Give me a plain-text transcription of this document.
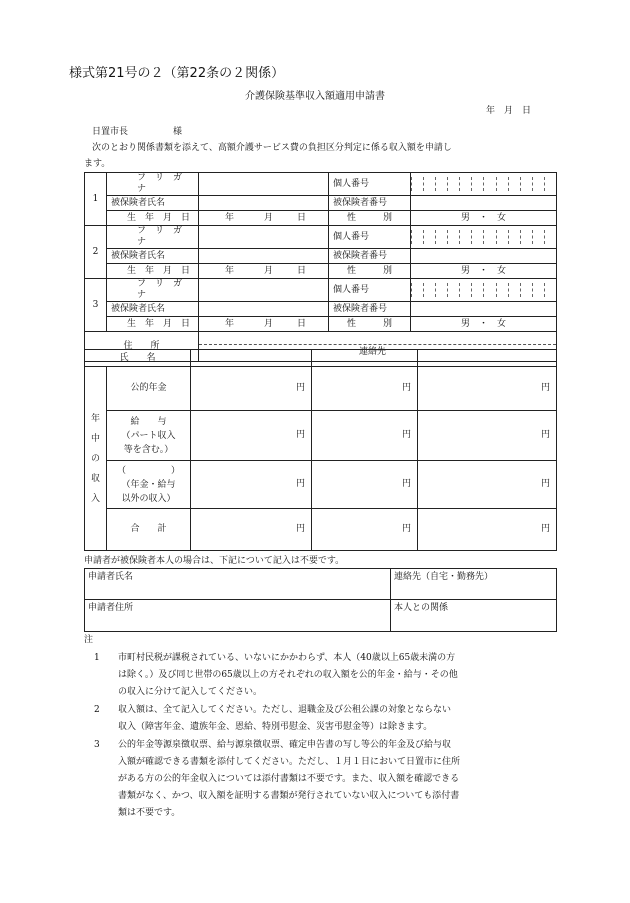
様式第21号の２（第22条の２関係）
介護保険基準収入額適用申請書
年　月　日
日置市長　　　　　様
次のとおり関係書類を添えて、高額介護サービス費の負担区分判定に係る収入額を申請し
ます。
1	フ　リ　ガ　ナ		個人番号	

	被保険者氏名		被保険者番号	
	生　年　月　日	年 月 日	性　　　別	男　・　女
2	フ　リ　ガ　ナ		個人番号	

	被保険者氏名		被保険者番号	
	生　年　月　日	年 月 日	性　　　別	男　・　女
3	フ　リ　ガ　ナ		個人番号	

	被保険者氏名		被保険者番号	
	生　年　月　日	年 月 日	性　　　別	男　・　女
住　　所		連絡先		
氏　　名				

年
中
の
収
入	公的年金	円	円	円

	給　　与
（パート収入
等を含む。）	円	円	円

	（　　　　　）
（年金・給与
以外の収入）	円	円	円
	合　　計	円	円	円
申請者が被保険者本人の場合は、下記について記入は不要です。
申請者氏名	連絡先（自宅・勤務先）
申請者住所	本人との関係
注
1	市町村民税が課税されている、いないにかかわらず、本人（40歳以上65歳未満の方
は除く。）及び同じ世帯の65歳以上の方それぞれの収入額を公的年金・給与・その他
の収入に分けて記入してください。
2	収入額は、全て記入してください。ただし、退職金及び公租公課の対象とならない
収入（障害年金、遺族年金、恩給、特別弔慰金、災害弔慰金等）は除きます。
3	公的年金等源泉徴収票、給与源泉徴収票、確定申告書の写し等公的年金及び給与収
入額が確認できる書類を添付してください。ただし、１月１日において日置市に住所
がある方の公的年金収入については添付書類は不要です。また、収入額を確認できる
書類がなく、かつ、収入額を証明する書類が発行されていない収入についても添付書
類は不要です。
